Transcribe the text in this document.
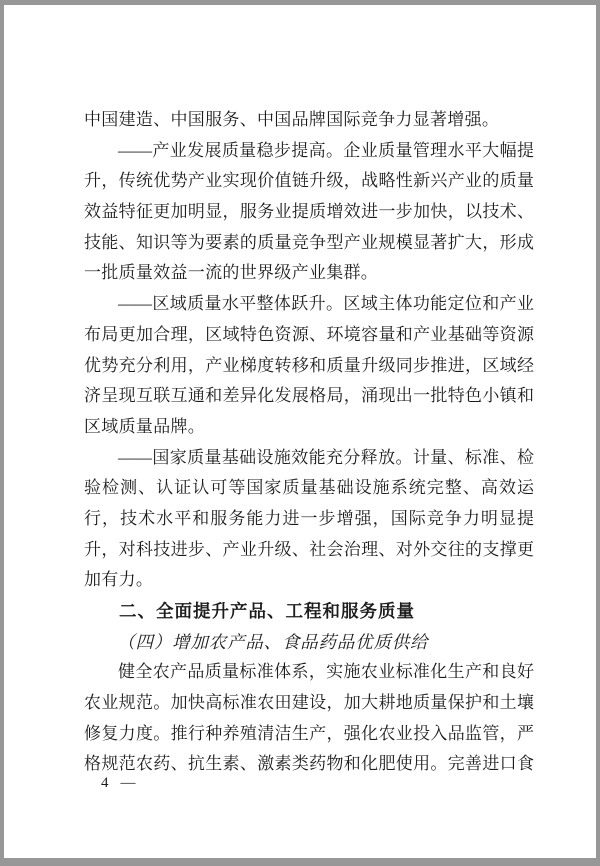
中国建造、中国服务、中国品牌国际竞争力显著增强。
——产业发展质量稳步提高。企业质量管理水平大幅提
升，传统优势产业实现价值链升级，战略性新兴产业的质量
效益特征更加明显，服务业提质增效进一步加快，以技术、
技能、知识等为要素的质量竞争型产业规模显著扩大，形成
一批质量效益一流的世界级产业集群。
——区域质量水平整体跃升。区域主体功能定位和产业
布局更加合理，区域特色资源、环境容量和产业基础等资源
优势充分利用，产业梯度转移和质量升级同步推进，区域经
济呈现互联互通和差异化发展格局，涌现出一批特色小镇和
区域质量品牌。
——国家质量基础设施效能充分释放。计量、标准、检
验检测、认证认可等国家质量基础设施系统完整、高效运
行，技术水平和服务能力进一步增强，国际竞争力明显提
升，对科技进步、产业升级、社会治理、对外交往的支撑更
加有力。
二、全面提升产品、工程和服务质量
（四）增加农产品、食品药品优质供给
健全农产品质量标准体系，实施农业标准化生产和良好
农业规范。加快高标准农田建设，加大耕地质量保护和土壤
修复力度。推行种养殖清洁生产，强化农业投入品监管，严
格规范农药、抗生素、激素类药物和化肥使用。完善进口食
4 —
